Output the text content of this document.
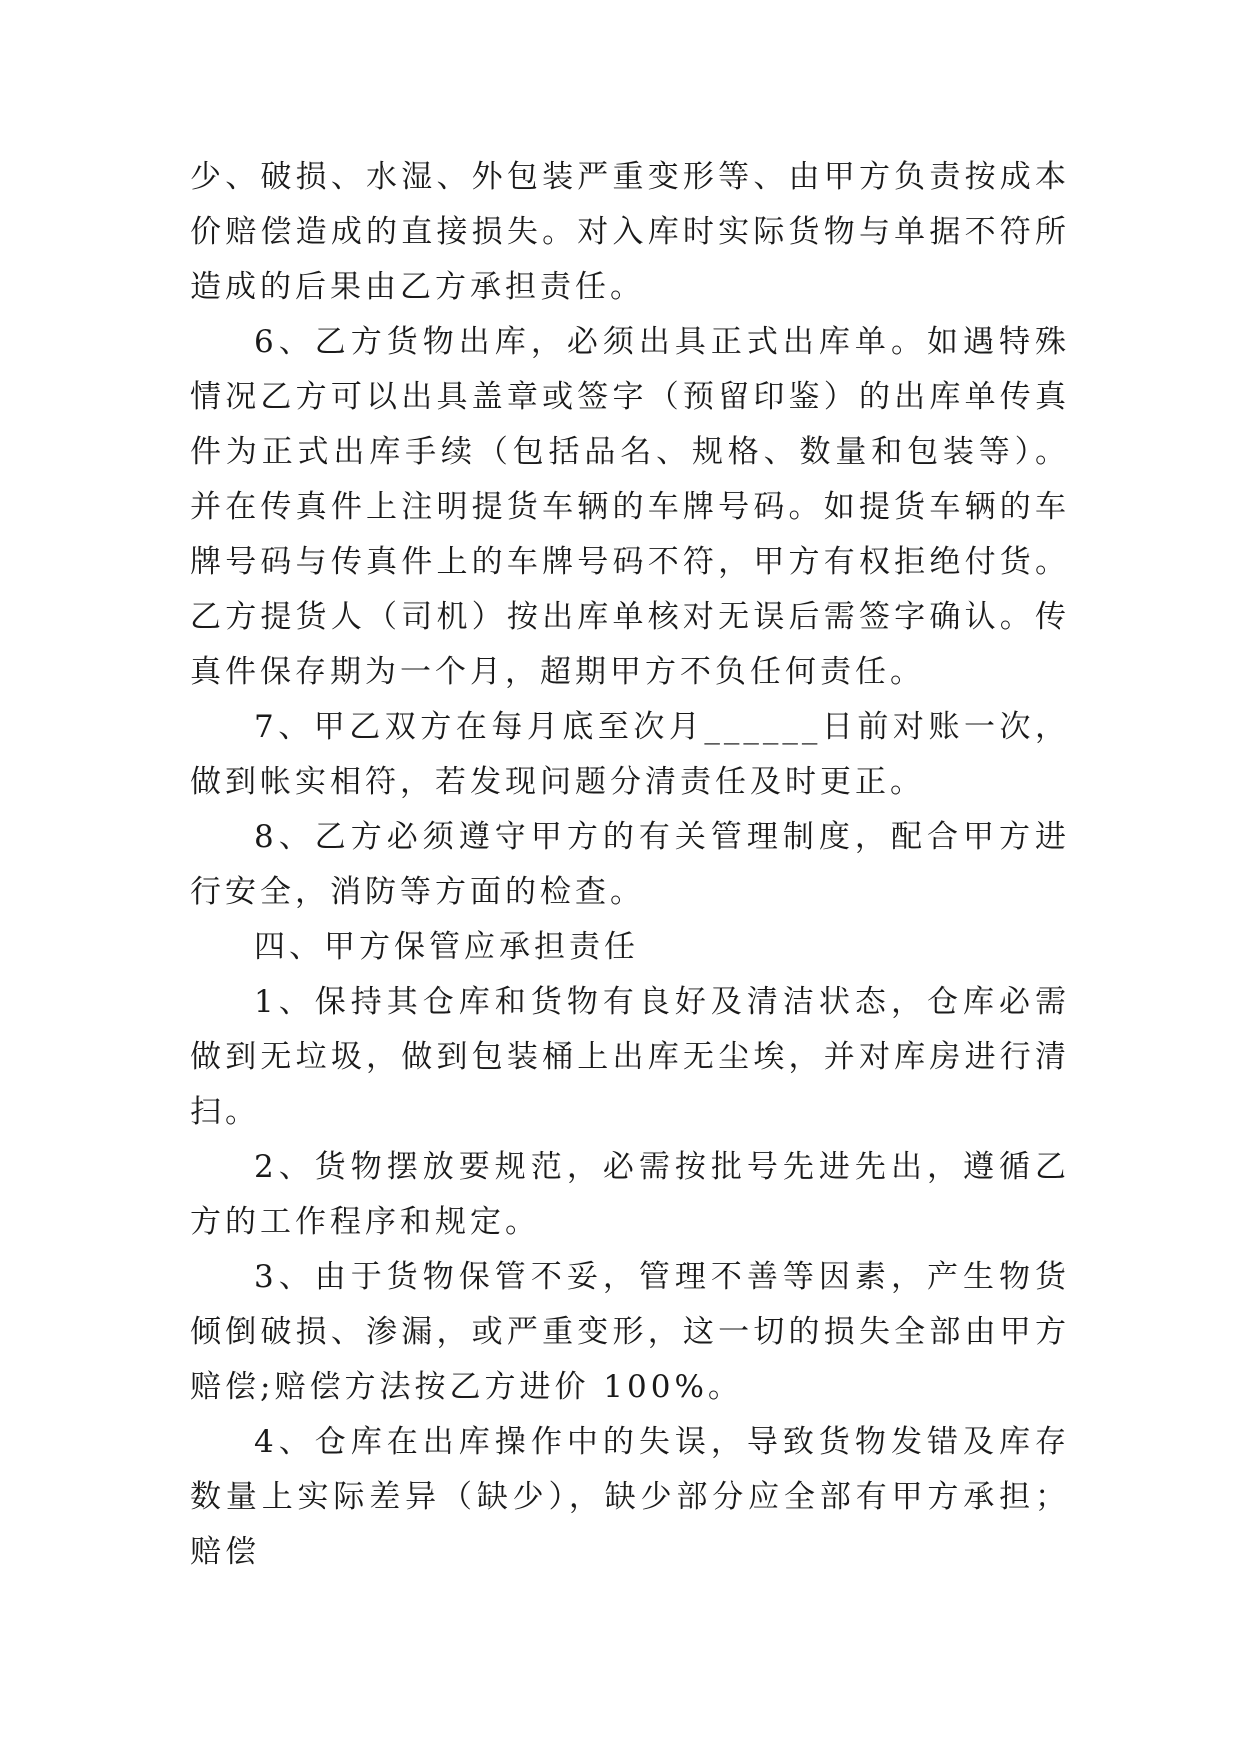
少、破损、水湿、外包装严重变形等、由甲方负责按成本价赔偿造成的直接损失。对入库时实际货物与单据不符所造成的后果由乙方承担责任。

6、乙方货物出库，必须出具正式出库单。如遇特殊情况乙方可以出具盖章或签字（预留印鉴）的出库单传真件为正式出库手续（包括品名、规格、数量和包装等）。并在传真件上注明提货车辆的车牌号码。如提货车辆的车牌号码与传真件上的车牌号码不符，甲方有权拒绝付货。乙方提货人（司机）按出库单核对无误后需签字确认。传真件保存期为一个月，超期甲方不负任何责任。

7、甲乙双方在每月底至次月______日前对账一次，做到帐实相符，若发现问题分清责任及时更正。

8、乙方必须遵守甲方的有关管理制度，配合甲方进行安全，消防等方面的检查。

四、甲方保管应承担责任

1、保持其仓库和货物有良好及清洁状态，仓库必需做到无垃圾，做到包装桶上出库无尘埃，并对库房进行清扫。

2、货物摆放要规范，必需按批号先进先出，遵循乙方的工作程序和规定。

3、由于货物保管不妥，管理不善等因素，产生物货倾倒破损、渗漏，或严重变形，这一切的损失全部由甲方赔偿;赔偿方法按乙方进价 100%。

4、仓库在出库操作中的失误，导致货物发错及库存数量上实际差异（缺少），缺少部分应全部有甲方承担；赔偿
